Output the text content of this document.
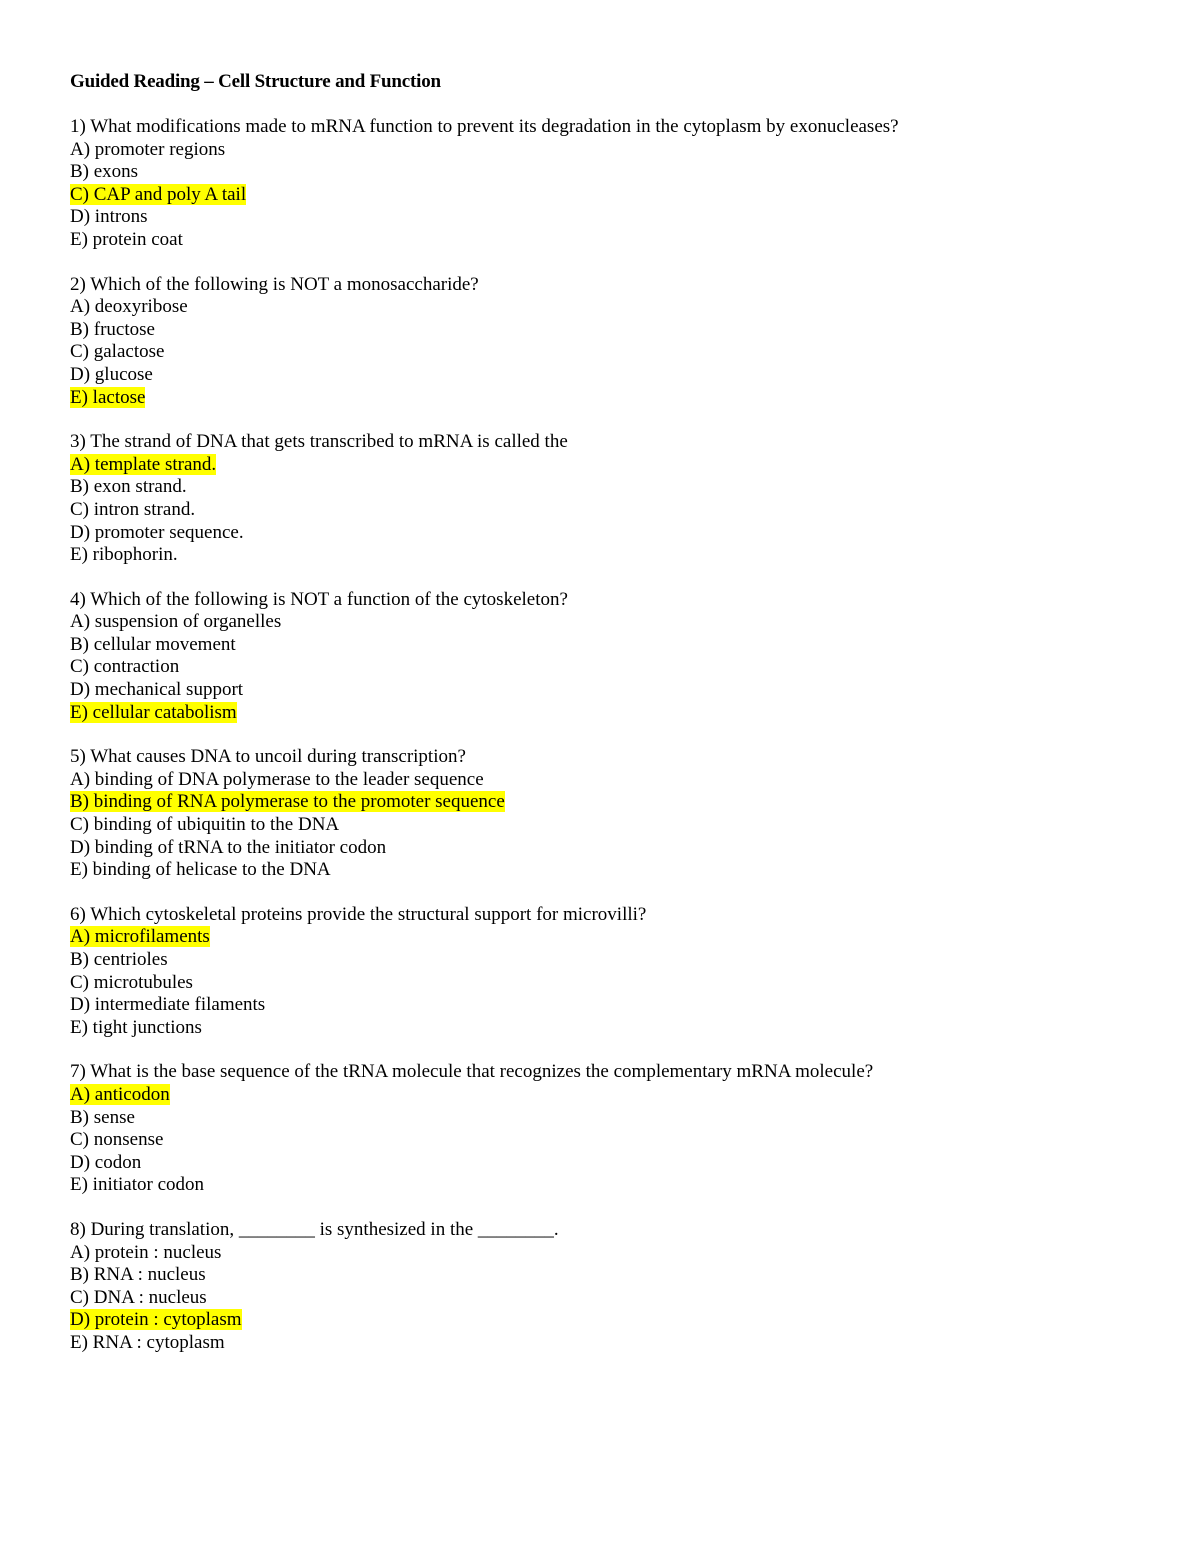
Guided Reading – Cell Structure and Function
1) What modifications made to mRNA function to prevent its degradation in the cytoplasm by exonucleases?
A) promoter regions
B) exons
C) CAP and poly A tail
D) introns
E) protein coat
2) Which of the following is NOT a monosaccharide?
A) deoxyribose
B) fructose
C) galactose
D) glucose
E) lactose
3) The strand of DNA that gets transcribed to mRNA is called the
A) template strand.
B) exon strand.
C) intron strand.
D) promoter sequence.
E) ribophorin.
4) Which of the following is NOT a function of the cytoskeleton?
A) suspension of organelles
B) cellular movement
C) contraction
D) mechanical support
E) cellular catabolism
5) What causes DNA to uncoil during transcription?
A) binding of DNA polymerase to the leader sequence
B) binding of RNA polymerase to the promoter sequence
C) binding of ubiquitin to the DNA
D) binding of tRNA to the initiator codon
E) binding of helicase to the DNA
6) Which cytoskeletal proteins provide the structural support for microvilli?
A) microfilaments
B) centrioles
C) microtubules
D) intermediate filaments
E) tight junctions
7) What is the base sequence of the tRNA molecule that recognizes the complementary mRNA molecule?
A) anticodon
B) sense
C) nonsense
D) codon
E) initiator codon
8) During translation, ________ is synthesized in the ________.
A) protein : nucleus
B) RNA : nucleus
C) DNA : nucleus
D) protein : cytoplasm
E) RNA : cytoplasm
